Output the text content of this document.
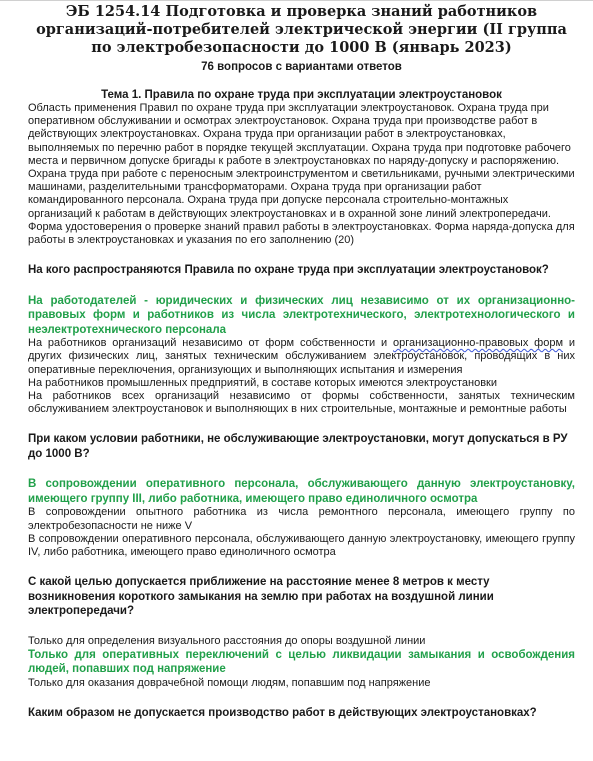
ЭБ 1254.14 Подготовка и проверка знаний работников организаций-потребителей электрической энергии (II группа по электробезопасности до 1000 В (январь 2023)

76 вопросов с вариантами ответов

Тема 1. Правила по охране труда при эксплуатации электроустановок

Область применения Правил по охране труда при эксплуатации электроустановок. Охрана труда при оперативном обслуживании и осмотрах электроустановок. Охрана труда при производстве работ в действующих электроустановках. Охрана труда при организации работ в электроустановках, выполняемых по перечню работ в порядке текущей эксплуатации. Охрана труда при подготовке рабочего места и первичном допуске бригады к работе в электроустановках по наряду-допуску и распоряжению. Охрана труда при работе с переносным электроинструментом и светильниками, ручными электрическими машинами, разделительными трансформаторами. Охрана труда при организации работ командированного персонала. Охрана труда при допуске персонала строительно-монтажных организаций к работам в действующих электроустановках и в охранной зоне линий электропередачи. Форма удостоверения о проверке знаний правил работы в электроустановках. Форма наряда-допуска для работы в электроустановках и указания по его заполнению (20)

На кого распространяются Правила по охране труда при эксплуатации электроустановок?

На работодателей - юридических и физических лиц независимо от их организационно-правовых форм и работников из числа электротехнического, электротехнологического и неэлектротехнического персонала

На работников организаций независимо от форм собственности и организационно-правовых форм и других физических лиц, занятых техническим обслуживанием электроустановок, проводящих в них оперативные переключения, организующих и выполняющих испытания и измерения

На работников промышленных предприятий, в составе которых имеются электроустановки

На работников всех организаций независимо от формы собственности, занятых техническим обслуживанием электроустановок и выполняющих в них строительные, монтажные и ремонтные работы

При каком условии работники, не обслуживающие электроустановки, могут допускаться в РУ до 1000 В?

В сопровождении оперативного персонала, обслуживающего данную электроустановку, имеющего группу III, либо работника, имеющего право единоличного осмотра

В сопровождении опытного работника из числа ремонтного персонала, имеющего группу по электробезопасности не ниже V

В сопровождении оперативного персонала, обслуживающего данную электроустановку, имеющего группу IV, либо работника, имеющего право единоличного осмотра

С какой целью допускается приближение на расстояние менее 8 метров к месту возникновения короткого замыкания на землю при работах на воздушной линии электропередачи?

Только для определения визуального расстояния до опоры воздушной линии

Только для оперативных переключений с целью ликвидации замыкания и освобождения людей, попавших под напряжение

Только для оказания доврачебной помощи людям, попавшим под напряжение

Каким образом не допускается производство работ в действующих электроустановках?
